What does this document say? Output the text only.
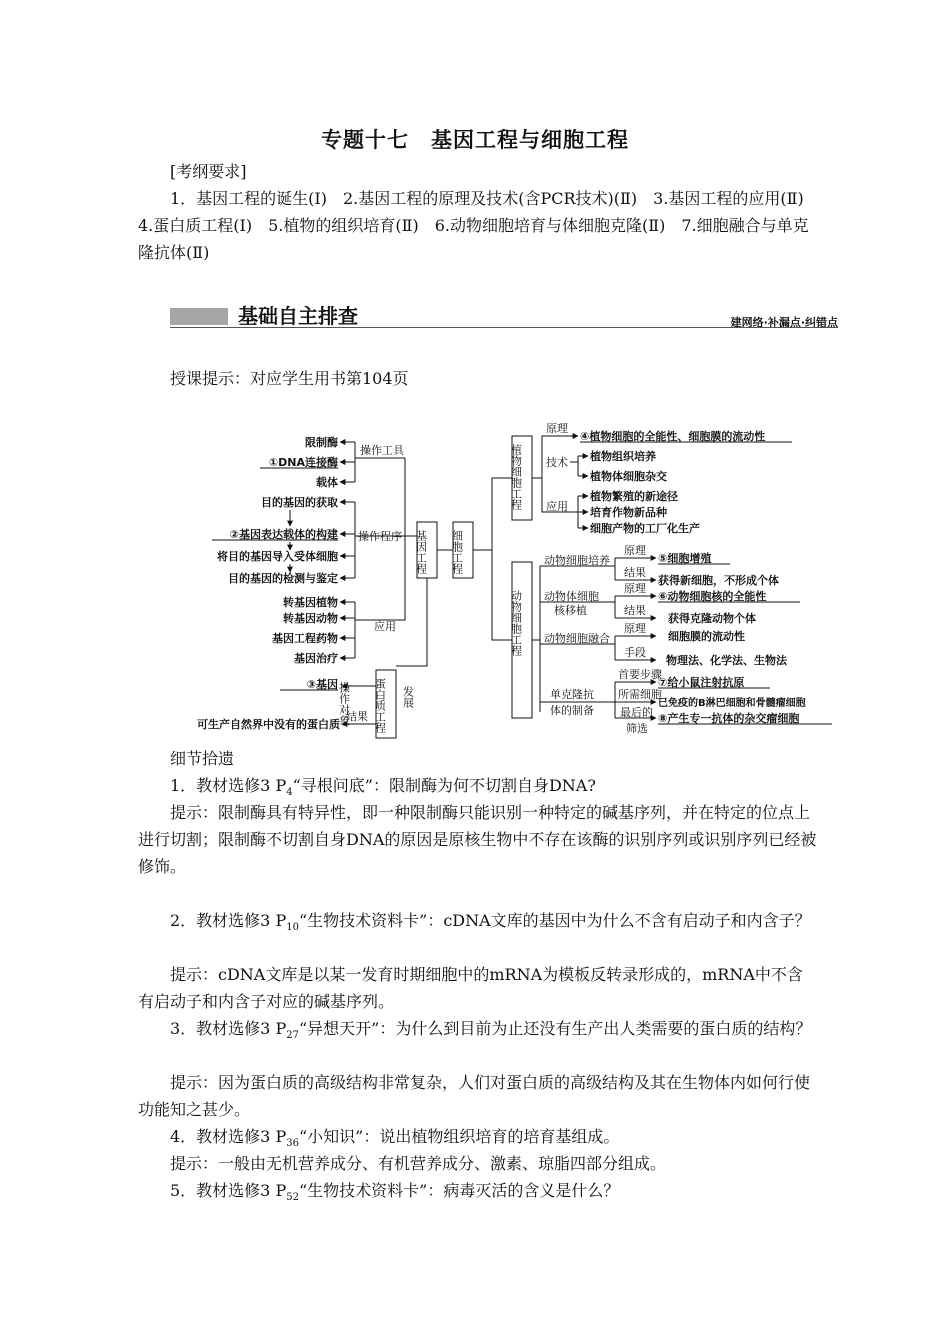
专题十七　基因工程与细胞工程
[考纲要求]
1．基因工程的诞生(Ⅰ)　2.基因工程的原理及技术(含PCR技术)(Ⅱ)　3.基因工程的应用(Ⅱ)　4.蛋白质工程(Ⅰ)　5.植物的组织培育(Ⅱ)　6.动物细胞培育与体细胞克隆(Ⅱ)　7.细胞融合与单克隆抗体(Ⅱ)
基础自主排查	建网络·补漏点·纠错点
授课提示：对应学生用书第104页
基因工程 细胞工程
蛋白质工程
植物细胞工程
动物细胞工程
操作工具
限制酶
①DNA连接酶
载体
操作程序
目的基因的获取
②基因表达载体的构建
将目的基因导入受体细胞
目的基因的检测与鉴定
应用
转基因植物
转基因动物
基因工程药物
基因治疗
操作对象
③基因
结果
可生产自然界中没有的蛋白质
发展
原理
④植物细胞的全能性、细胞膜的流动性
技术 植物组织培养
植物体细胞杂交
应用
植物繁殖的新途径
培育作物新品种
细胞产物的工厂化生产
动物细胞培养
原理
⑤细胞增殖
结果
获得新细胞，不形成个体
动物体细胞
核移植
原理
⑥动物细胞核的全能性
结果
获得克隆动物个体
动物细胞融合
原理
细胞膜的流动性
手段
物理法、化学法、生物法
单克隆抗
体的制备
首要步骤
⑦给小鼠注射抗原
所需细胞
已免疫的B淋巴细胞和骨髓瘤细胞
最后的
筛选
⑧产生专一抗体的杂交瘤细胞
细节拾遗
1．教材选修3 $P_4“$寻根问底”：限制酶为何不切割自身DNA?
提示：限制酶具有特异性，即一种限制酶只能识别一种特定的碱基序列，并在特定的位点上进行切割；限制酶不切割自身DNA的原因是原核生物中不存在该酶的识别序列或识别序列已经被修饰。
2．教材选修3 $P_{10}“$生物技术资料卡”：cDNA文库的基因中为什么不含有启动子和内含子？
提示：cDNA文库是以某一发育时期细胞中的mRNA为模板反转录形成的，mRNA中不含有启动子和内含子对应的碱基序列。
3．教材选修3 $P_{27}“$异想天开”：为什么到目前为止还没有生产出人类需要的蛋白质的结构？
提示：因为蛋白质的高级结构非常复杂，人们对蛋白质的高级结构及其在生物体内如何行使功能知之甚少。
4．教材选修3 $P_{36}“$小知识”：说出植物组织培育的培育基组成。
提示：一般由无机营养成分、有机营养成分、激素、琼脂四部分组成。
5．教材选修3 $P_{52}“$生物技术资料卡”：病毒灭活的含义是什么？
